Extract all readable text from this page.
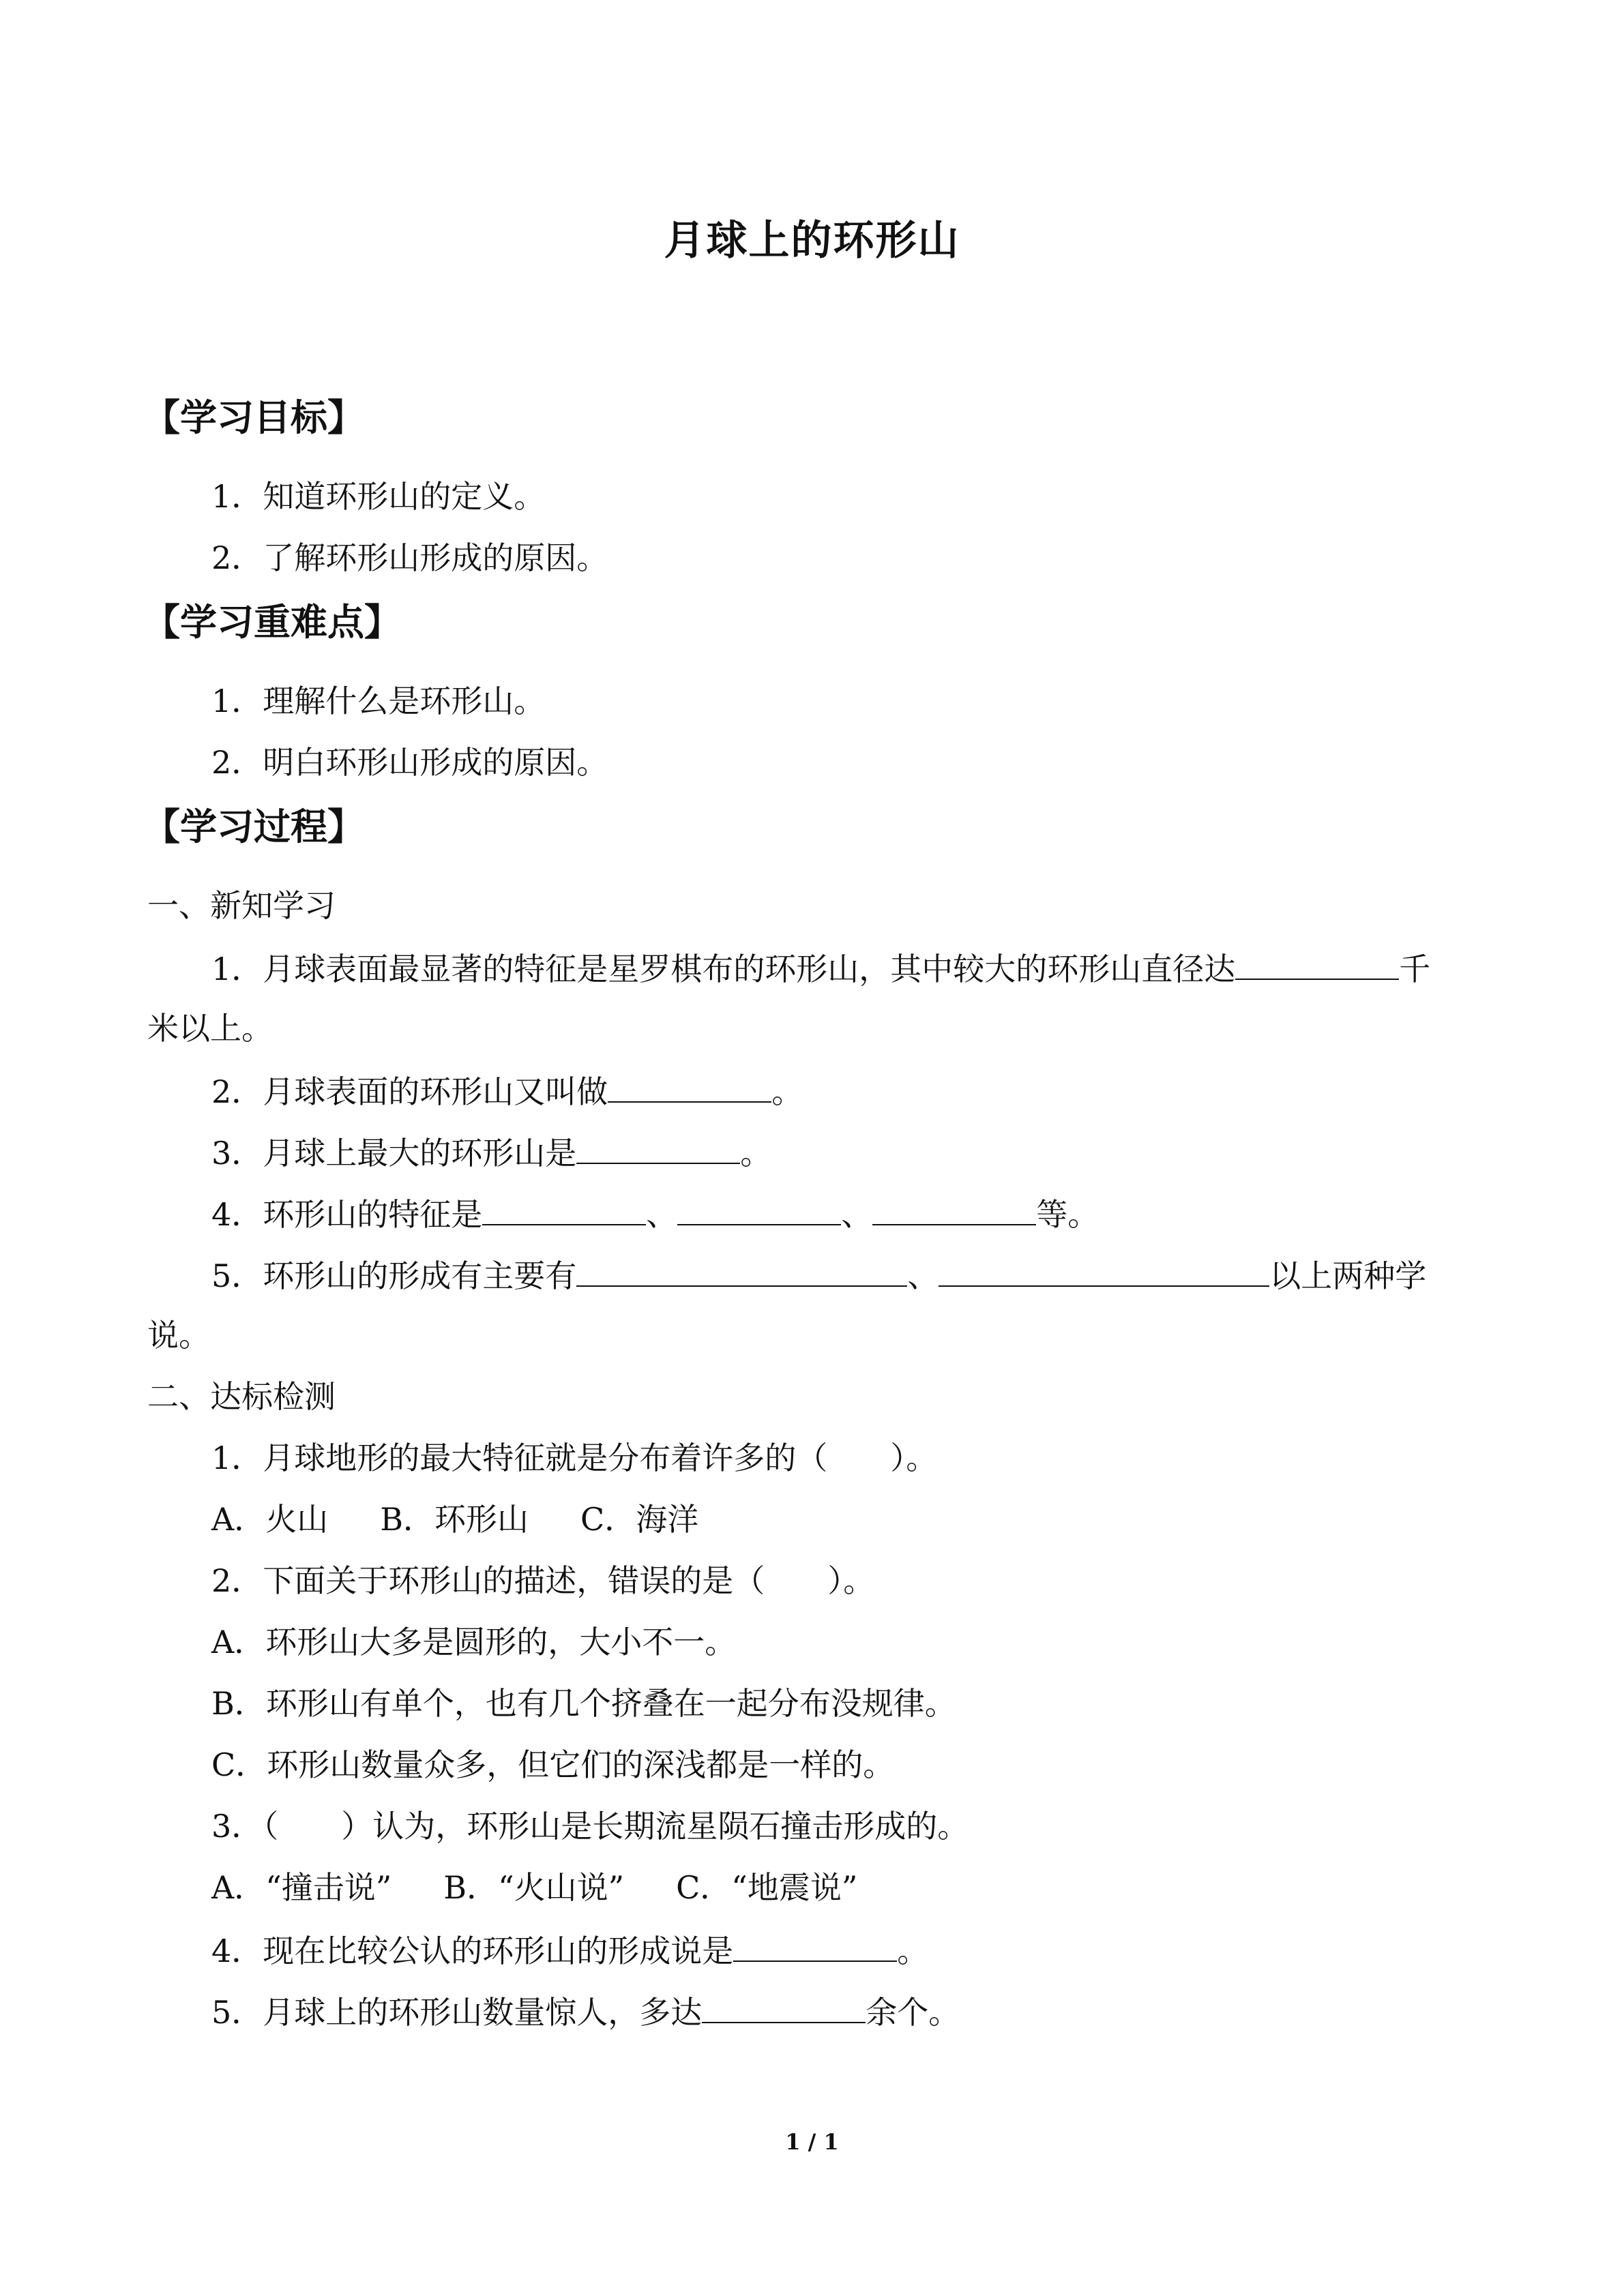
月球上的环形山
【学习目标】
1．知道环形山的定义。
2．了解环形山形成的原因。
【学习重难点】
1．理解什么是环形山。
2．明白环形山形成的原因。
【学习过程】
一、新知学习
1．月球表面最显著的特征是星罗棋布的环形山，其中较大的环形山直径达	千
米以上。
2．月球表面的环形山又叫做	。
3．月球上最大的环形山是	。
4．环形山的特征是	、	、	等。
5．环形山的形成有主要有	、	以上两种学
说。
二、达标检测
1．月球地形的最大特征就是分布着许多的（　　）。
A．火山 B．环形山 C．海洋
2．下面关于环形山的描述，错误的是（　　）。
A．环形山大多是圆形的，大小不一。
B．环形山有单个，也有几个挤叠在一起分布没规律。
C．环形山数量众多，但它们的深浅都是一样的。
3．（　　）认为，环形山是长期流星陨石撞击形成的。
A．“撞击说” B．“火山说” C．“地震说”
4．现在比较公认的环形山的形成说是	。
5．月球上的环形山数量惊人，多达	余个。
1 / 1
